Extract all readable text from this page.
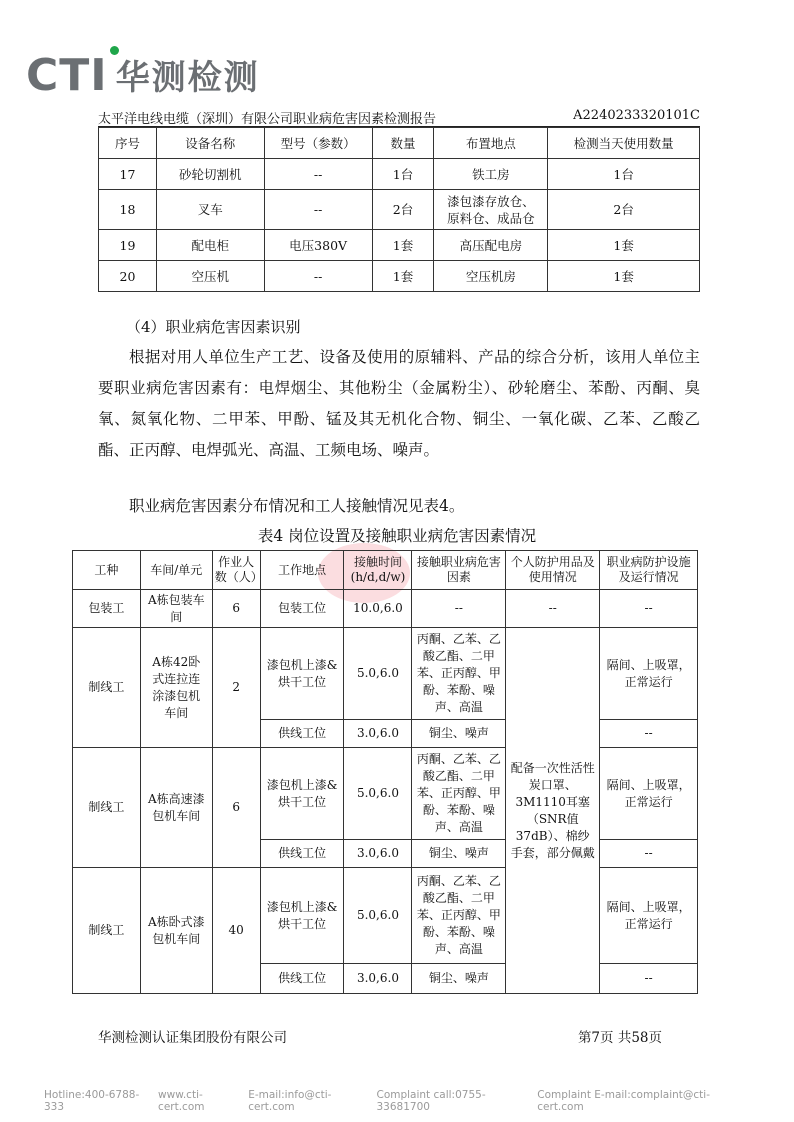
CTI 华测检测
太平洋电线电缆（深圳）有限公司职业病危害因素检测报告	A2240233320101C
序号	设备名称	型号（参数）	数量	布置地点	检测当天使用数量
17	砂轮切割机	--	1台	铁工房	1台
18	叉车	--	2台	漆包漆存放仓、原料仓、成品仓	2台
19	配电柜	电压380V	1套	高压配电房	1套
20	空压机	--	1套	空压机房	1套
（4）职业病危害因素识别

根据对用人单位生产工艺、设备及使用的原辅料、产品的综合分析，该用人单位主要职业病危害因素有：电焊烟尘、其他粉尘（金属粉尘）、砂轮磨尘、苯酚、丙酮、臭氧、氮氧化物、二甲苯、甲酚、锰及其无机化合物、铜尘、一氧化碳、乙苯、乙酸乙酯、正丙醇、电焊弧光、高温、工频电场、噪声。

职业病危害因素分布情况和工人接触情况见表4。
表4 岗位设置及接触职业病危害因素情况
工种	车间/单元	作业人数（人）	工作地点	接触时间(h/d,d/w)	接触职业病危害因素	个人防护用品及使用情况	职业病防护设施及运行情况
包装工	A栋包装车间	6	包装工位	10.0,6.0	--	--	--
制线工	A栋42卧式连拉连涂漆包机车间	2	漆包机上漆&烘干工位	5.0,6.0	丙酮、乙苯、乙酸乙酯、二甲苯、正丙醇、甲酚、苯酚、噪声、高温	配备一次性活性炭口罩、3M1110耳塞（SNR值37dB）、棉纱手套，部分佩戴	隔间、上吸罩，正常运行
			供线工位	3.0,6.0	铜尘、噪声		--
制线工	A栋高速漆包机车间	6	漆包机上漆&烘干工位	5.0,6.0	丙酮、乙苯、乙酸乙酯、二甲苯、正丙醇、甲酚、苯酚、噪声、高温		隔间、上吸罩，正常运行
			供线工位	3.0,6.0	铜尘、噪声		--
制线工	A栋卧式漆包机车间	40	漆包机上漆&烘干工位	5.0,6.0	丙酮、乙苯、乙酸乙酯、二甲苯、正丙醇、甲酚、苯酚、噪声、高温		隔间、上吸罩，正常运行
			供线工位	3.0,6.0	铜尘、噪声		--
华测检测认证集团股份有限公司	第7页 共58页
Hotline:400-6788-333
www.cti-cert.com
E-mail:info@cti-cert.com
Complaint call:0755-33681700
Complaint E-mail:complaint@cti-cert.com
